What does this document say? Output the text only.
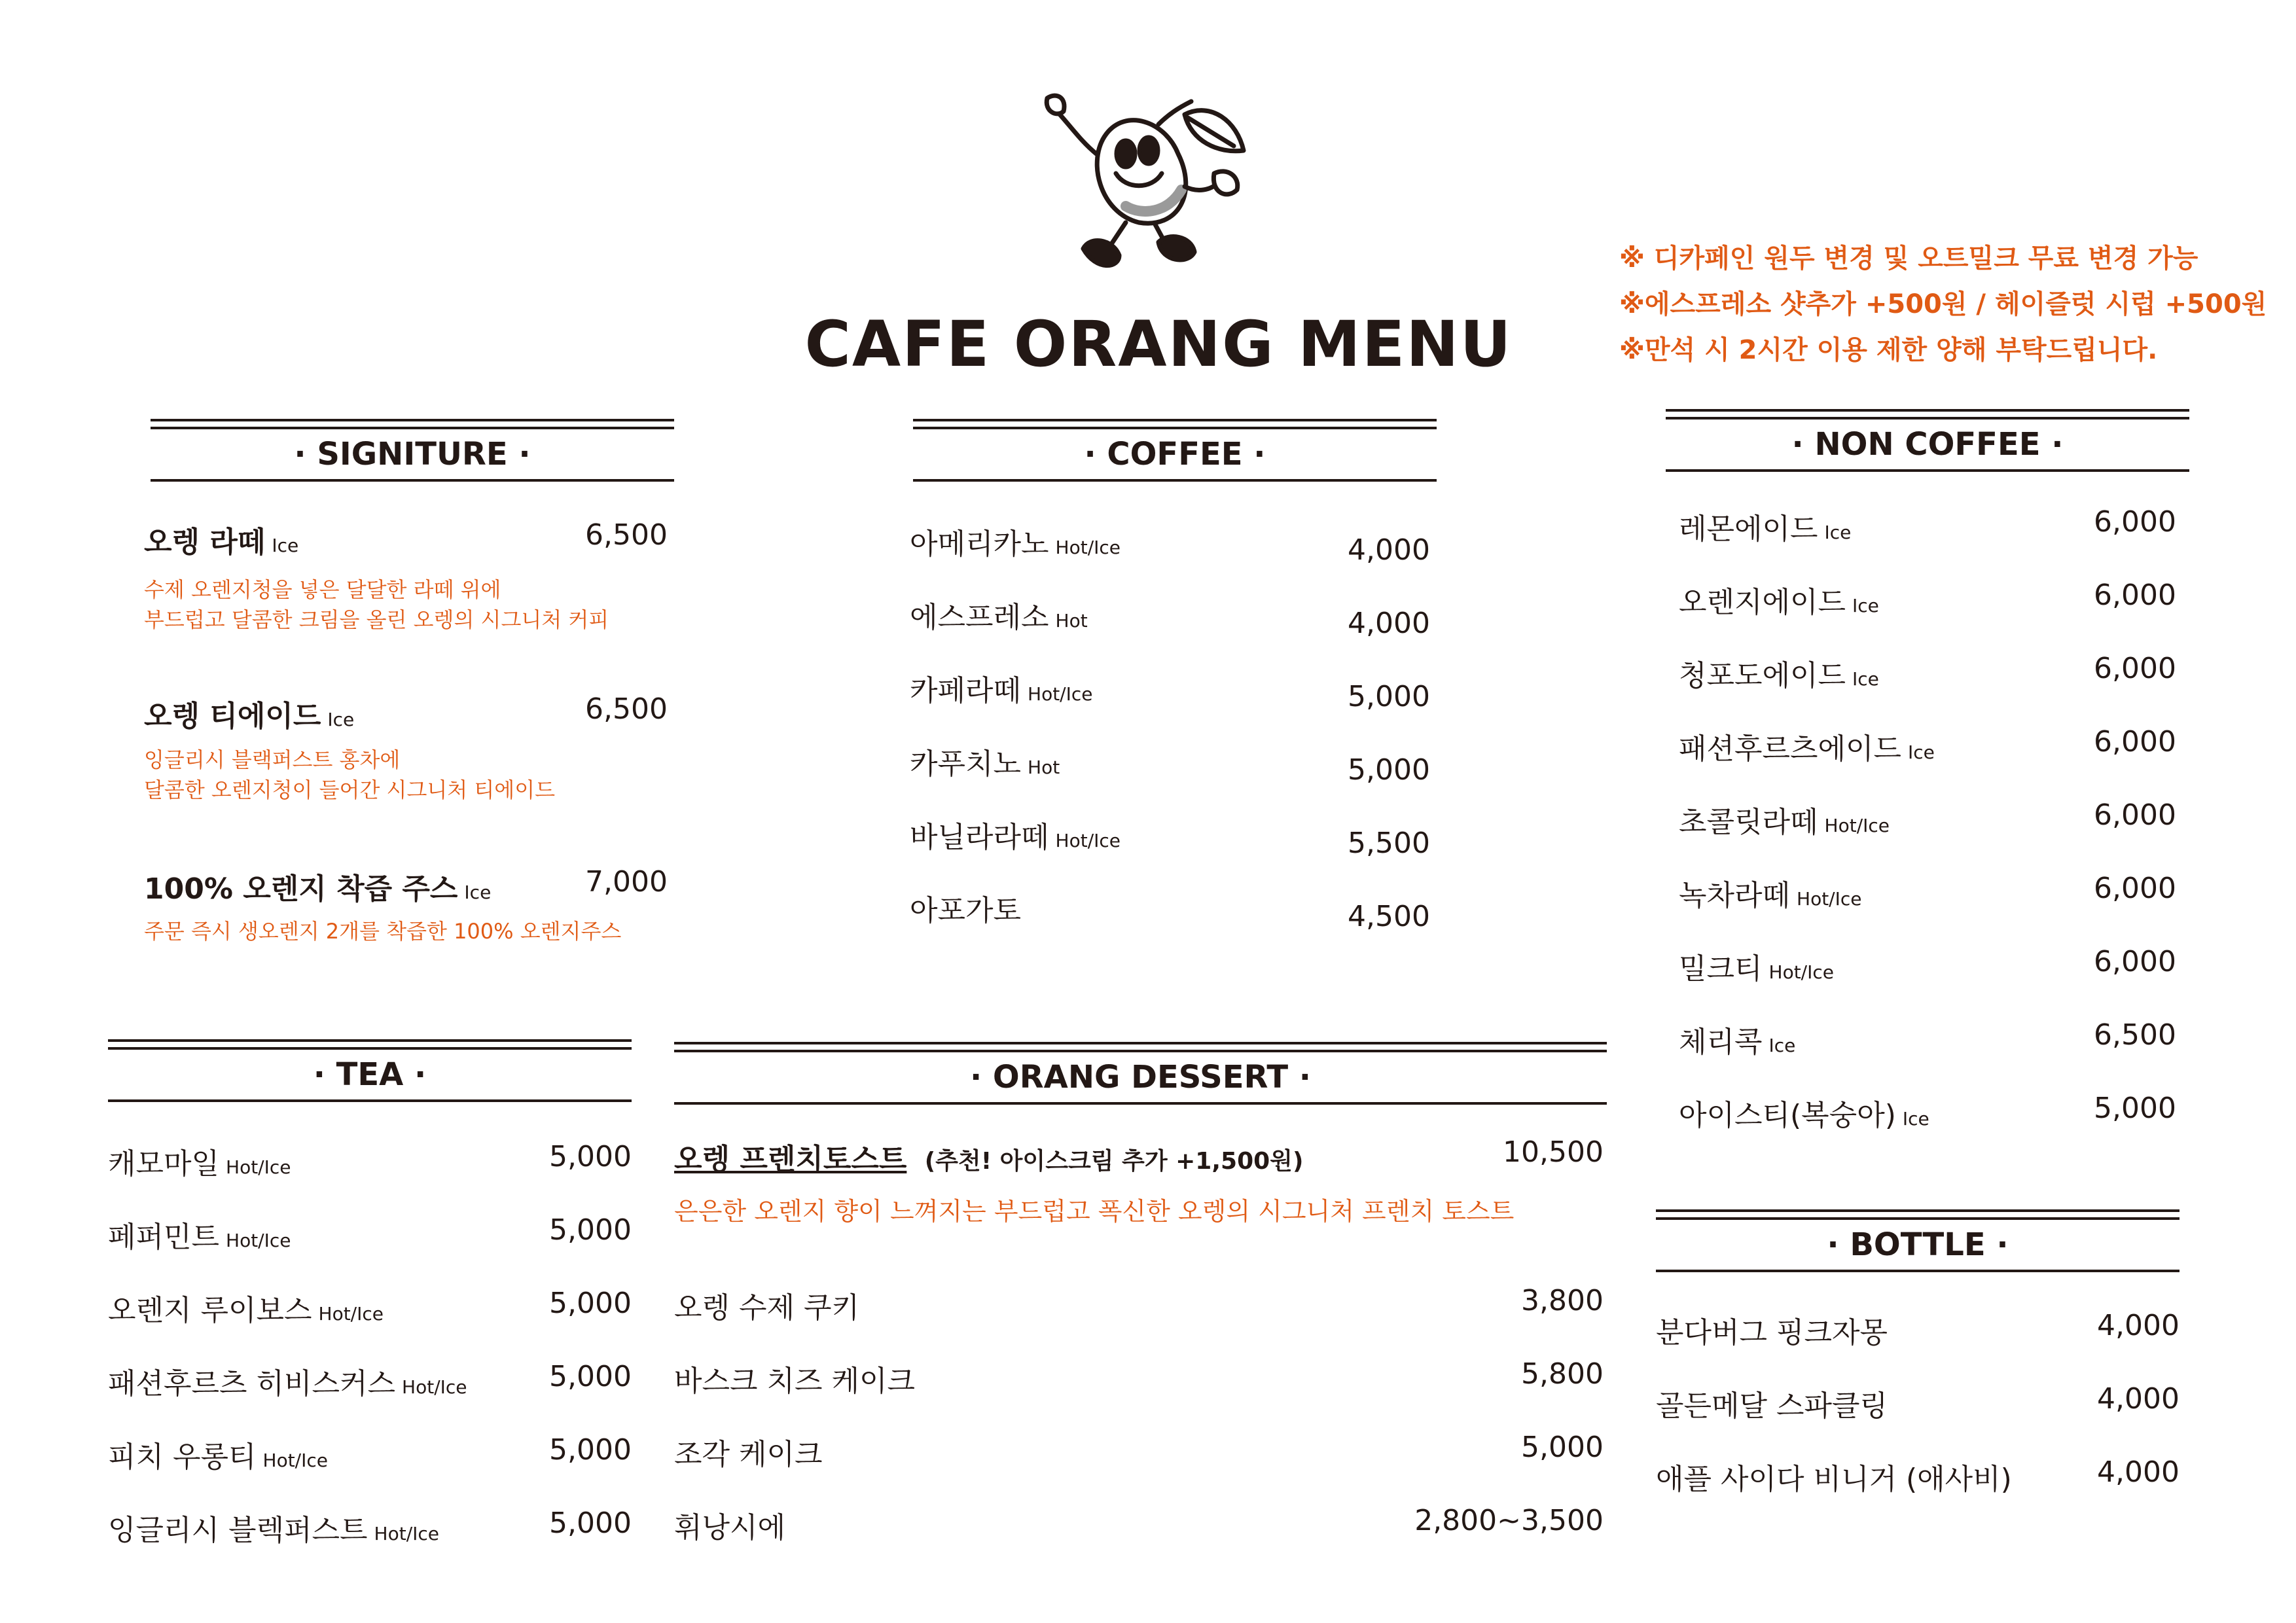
CAFE ORANG MENU
※ 디카페인 원두 변경 및 오트밀크 무료 변경 가능
※에스프레소 샷추가 +500원 / 헤이즐럿 시럽 +500원
※만석 시 2시간 이용 제한 양해 부탁드립니다.
· SIGNITURE ·
오렝 라떼 Ice	6,500
수제 오렌지청을 넣은 달달한 라떼 위에
부드럽고 달콤한 크림을 올린 오렝의 시그니처 커피
오렝 티에이드 Ice	6,500
잉글리시 블랙퍼스트 홍차에
달콤한 오렌지청이 들어간 시그니처 티에이드
100% 오렌지 착즙 주스 Ice	7,000
주문 즉시 생오렌지 2개를 착즙한 100% 오렌지주스
· COFFEE ·
아메리카노 Hot/Ice	4,000
에스프레소 Hot	4,000
카페라떼 Hot/Ice	5,000
카푸치노 Hot	5,000
바닐라라떼 Hot/Ice	5,500
아포가토	4,500
· NON COFFEE ·
레몬에이드 Ice	6,000
오렌지에이드 Ice	6,000
청포도에이드 Ice	6,000
패션후르츠에이드 Ice	6,000
초콜릿라떼 Hot/Ice	6,000
녹차라떼 Hot/Ice	6,000
밀크티 Hot/Ice	6,000
체리콕 Ice	6,500
아이스티(복숭아) Ice	5,000
· TEA ·
캐모마일 Hot/Ice	5,000
페퍼민트 Hot/Ice	5,000
오렌지 루이보스 Hot/Ice	5,000
패션후르츠 히비스커스 Hot/Ice	5,000
피치 우롱티 Hot/Ice	5,000
잉글리시 블렉퍼스트 Hot/Ice	5,000
· ORANG DESSERT ·
오렝 프렌치토스트 (추천! 아이스크림 추가 +1,500원)	10,500
은은한 오렌지 향이 느껴지는 부드럽고 폭신한 오렝의 시그니처 프렌치 토스트
오렝 수제 쿠키	3,800
바스크 치즈 케이크	5,800
조각 케이크	5,000
휘낭시에	2,800~3,500
· BOTTLE ·
분다버그 핑크자몽	4,000
골든메달 스파클링	4,000
애플 사이다 비니거 (애사비)	4,000
